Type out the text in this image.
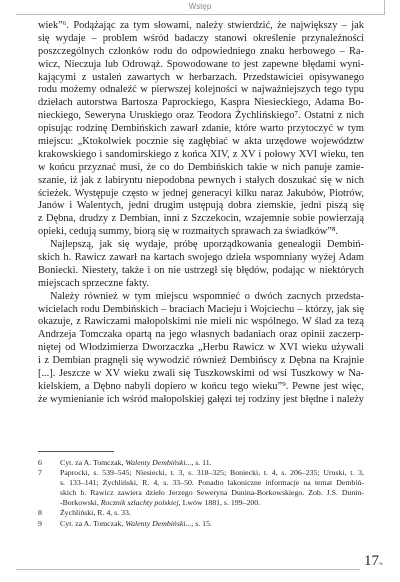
Wstęp
wiek”⁶. Podążając za tym słowami, należy stwierdzić, że największy – jak
się wydaje – problem wśród badaczy stanowi określenie przynależności
poszczególnych członków rodu do odpowiedniego znaku herbowego – Ra-
wicz, Nieczuja lub Odrowąż. Spowodowane to jest zapewne błędami wyni-
kającymi z ustaleń zawartych w herbarzach. Przedstawiciei opisywanego
rodu możemy odnaleźć w pierwszej kolejności w najważniejszych tego typu
dziełach autorstwa Bartosza Paprockiego, Kaspra Niesieckiego, Adama Bo-
nieckiego, Seweryna Uruskiego oraz Teodora Żychlińskiego⁷. Ostatni z nich
opisując rodzinę Dembińskich zawarł zdanie, które warto przytoczyć w tym
miejscu: „Ktokolwiek pocznie się zagłębiać w akta urzędowe województw
krakowskiego i sandomirskiego z końca XIV, z XV i połowy XVI wieku, ten
w końcu przyznać musi, że co do Dembińskich takie w nich panuje zamie-
szanie, iż jak z labiryntu niepodobna pewnych i stałych doszukać się w nich
ścieżek. Występuje często w jednej generacyi kilku naraz Jakubów, Piotrów,
Janów i Walentych, jedni drugim ustępują dobra ziemskie, jedni piszą się
z Dębna, drudzy z Dembian, inni z Szczekocin, wzajemnie sobie powierzają
opieki, cedują summy, biorą się w rozmaitych sprawach za świadków”⁸.
Najlepszą, jak się wydaje, próbę uporządkowania genealogii Dembiń-
skich h. Rawicz zawarł na kartach swojego dzieła wspomniany wyżej Adam
Boniecki. Niestety, także i on nie ustrzegł się błędów, podając w niektórych
miejscach sprzeczne fakty.
Należy również w tym miejscu wspomnieć o dwóch zacnych przedsta-
wicielach rodu Dembińskich – braciach Macieju i Wojciechu – którzy, jak się
okazuje, z Rawiczami małopolskimi nie mieli nic wspólnego. W ślad za tezą
Andrzeja Tomczaka opartą na jego własnych badaniach oraz opinii zaczerp-
niętej od Włodzimierza Dworzaczka „Herbu Rawicz w XVI wieku używali
i z Dembian pragnęli się wywodzić również Dembińscy z Dębna na Krajnie
[...]. Jeszcze w XV wieku zwali się Tuszkowskimi od wsi Tuszkowy w Na-
kielskiem, a Dębno nabyli dopiero w końcu tego wieku”⁹. Pewne jest więc,
że wymienianie ich wśród małopolskiej gałęzi tej rodziny jest błędne i należy
6 Cyt. za A. Tomczak, Walenty Dembiński..., s. 11.
7 Paprocki, s. 539–545; Niesiecki, t. 3, s. 318–325; Boniecki, t. 4, s. 206–235; Uruski, t. 3,
s. 133–141; Żychliński, R. 4, s. 33–50. Ponadto lakoniczne informacje na temat Dembiń-
skich h. Rawicz zawiera dzieło Jerzego Seweryna Dunina-Borkowskiego. Zob. J.S. Dunin-
-Borkowski, Rocznik szlachty polskiej, Lwów 1881, s. 199–200.
8 Żychliński, R. 4, s. 33.
9 Cyt. za A. Tomczak, Walenty Dembiński..., s. 15.
17 ❧
